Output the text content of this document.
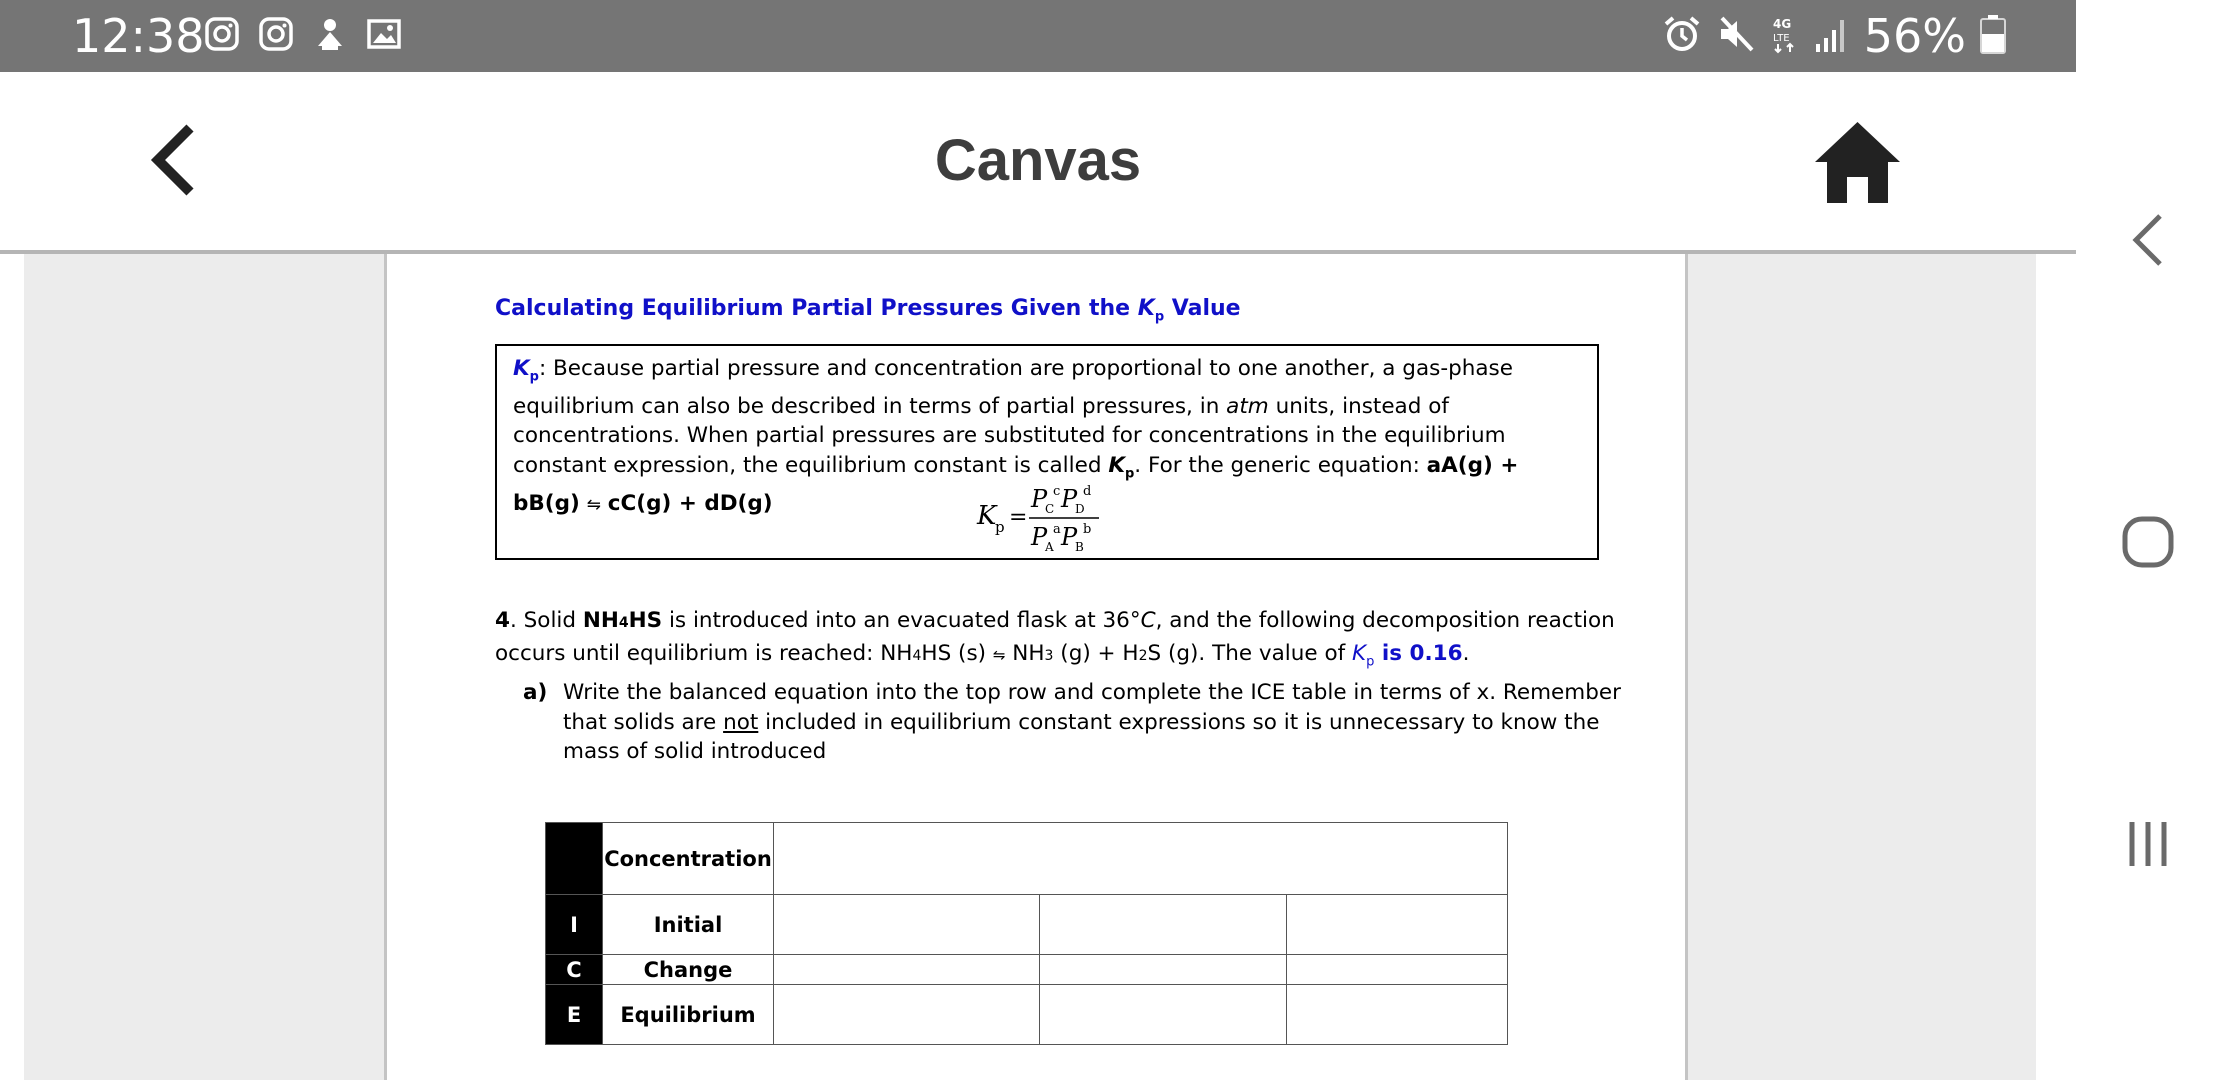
12:38	4G
LTE 56%
Canvas
Calculating Equilibrium Partial Pressures Given the $K_p$ Value
$K_p$: Because partial pressure and concentration are proportional to one another, a gas-phase equilibrium can also be described in terms of partial pressures, in atm units, instead of concentrations. When partial pressures are substituted for concentrations in the equilibrium constant expression, the equilibrium constant is called $K_p$. For the generic equation: aA(g) + bB(g) ⇋ cC(g) + dD(g)	K
p =
P
C
c P
D
d
P
A
a P
B
b
4. Solid NH4HS is introduced into an evacuated flask at 36°C, and the following decomposition reaction occurs until equilibrium is reached: NH4HS (s) ⇋ NH3 (g) + H2S (g). The value of $K_p$ is 0.16.
a) Write the balanced equation into the top row and complete the ICE table in terms of x. Remember that solids are not included in equilibrium constant expressions so it is unnecessary to know the mass of solid introduced
	Concentration			
I	Initial			
C	Change			
E	Equilibrium			
